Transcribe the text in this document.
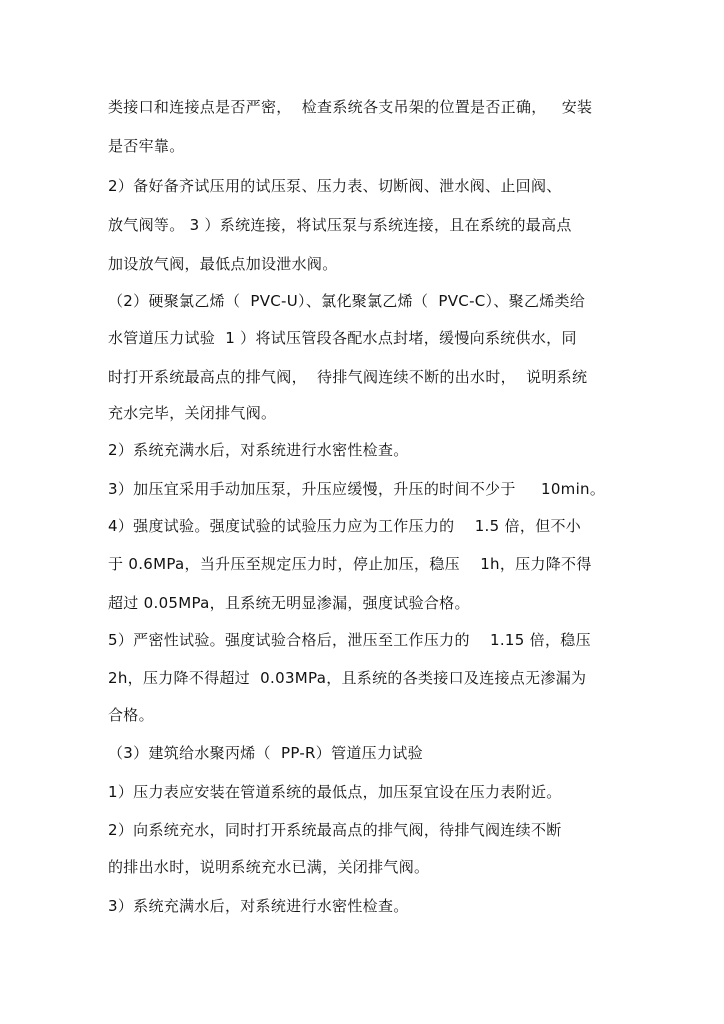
类接口和连接点是否严密，  检查系统各支吊架的位置是否正确，   安装
是否牢靠。
2）备好备齐试压用的试压泵、压力表、切断阀、泄水阀、止回阀、
放气阀等。 3 ）系统连接，将试压泵与系统连接，且在系统的最高点
加设放气阀，最低点加设泄水阀。
（2）硬聚氯乙烯（  PVC-U）、氯化聚氯乙烯（  PVC-C）、聚乙烯类给
水管道压力试验  1 ）将试压管段各配水点封堵，缓慢向系统供水，同
时打开系统最高点的排气阀，  待排气阀连续不断的出水时，  说明系统
充水完毕，关闭排气阀。
2）系统充满水后，对系统进行水密性检查。
3）加压宜采用手动加压泵，升压应缓慢，升压的时间不少于     10min。
4）强度试验。强度试验的试验压力应为工作压力的    1.5 倍，但不小
于 0.6MPa，当升压至规定压力时，停止加压，稳压    1h，压力降不得
超过 0.05MPa，且系统无明显渗漏，强度试验合格。
5）严密性试验。强度试验合格后，泄压至工作压力的    1.15 倍，稳压
2h，压力降不得超过  0.03MPa，且系统的各类接口及连接点无渗漏为
合格。
（3）建筑给水聚丙烯（  PP-R）管道压力试验
1）压力表应安装在管道系统的最低点，加压泵宜设在压力表附近。
2）向系统充水，同时打开系统最高点的排气阀，待排气阀连续不断
的排出水时，说明系统充水已满，关闭排气阀。
3）系统充满水后，对系统进行水密性检查。
